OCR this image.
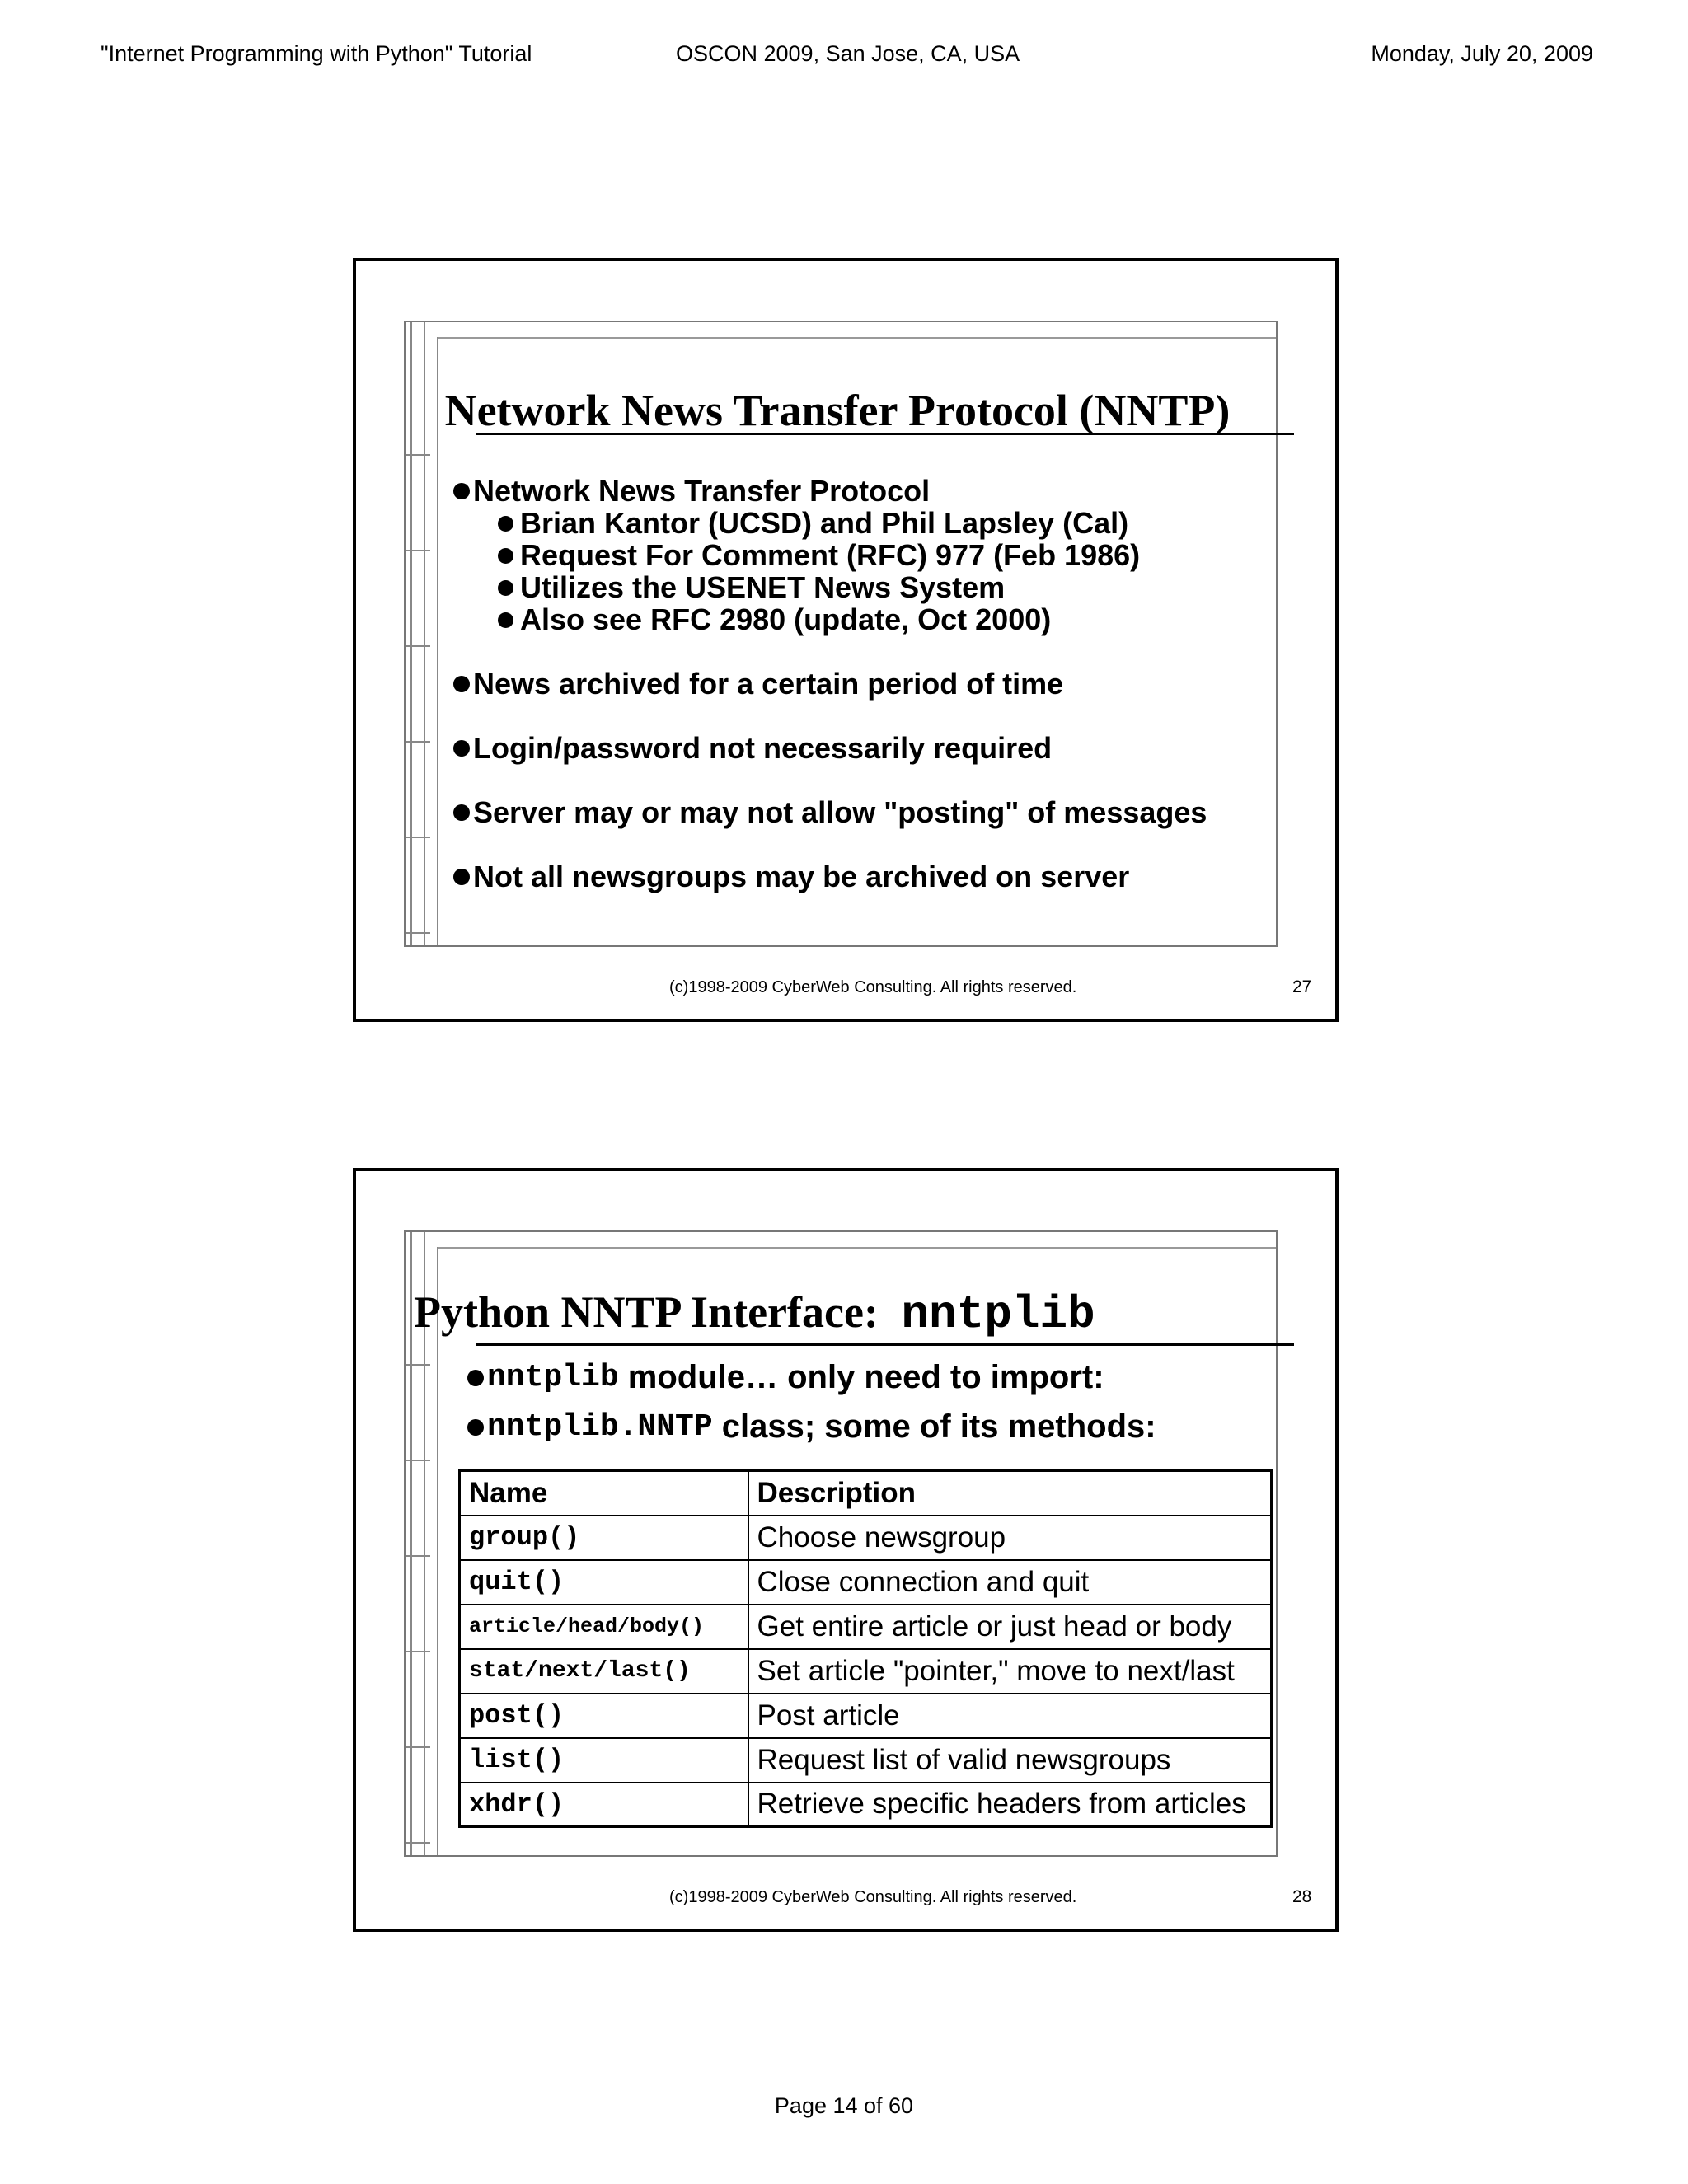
"Internet Programming with Python" Tutorial	OSCON 2009, San Jose, CA, USA	Monday, July 20, 2009
Network News Transfer Protocol (NNTP)
Network News Transfer Protocol
Brian Kantor (UCSD) and Phil Lapsley (Cal)
Request For Comment (RFC) 977 (Feb 1986)
Utilizes the USENET News System
Also see RFC 2980 (update, Oct 2000)
News archived for a certain period of time
Login/password not necessarily required
Server may or may not allow "posting" of messages
Not all newsgroups may be archived on server
(c)1998-2009 CyberWeb Consulting. All rights reserved.	27
Python NNTP Interface: nntplib
nntplib module… only need to import:
nntplib.NNTP class; some of its methods:
Name	Description
group()	Choose newsgroup
quit()	Close connection and quit
article/head/body()	Get entire article or just head or body
stat/next/last()	Set article "pointer," move to next/last
post()	Post article
list()	Request list of valid newsgroups
xhdr()	Retrieve specific headers from articles
(c)1998-2009 CyberWeb Consulting. All rights reserved.	28
Page 14 of 60
